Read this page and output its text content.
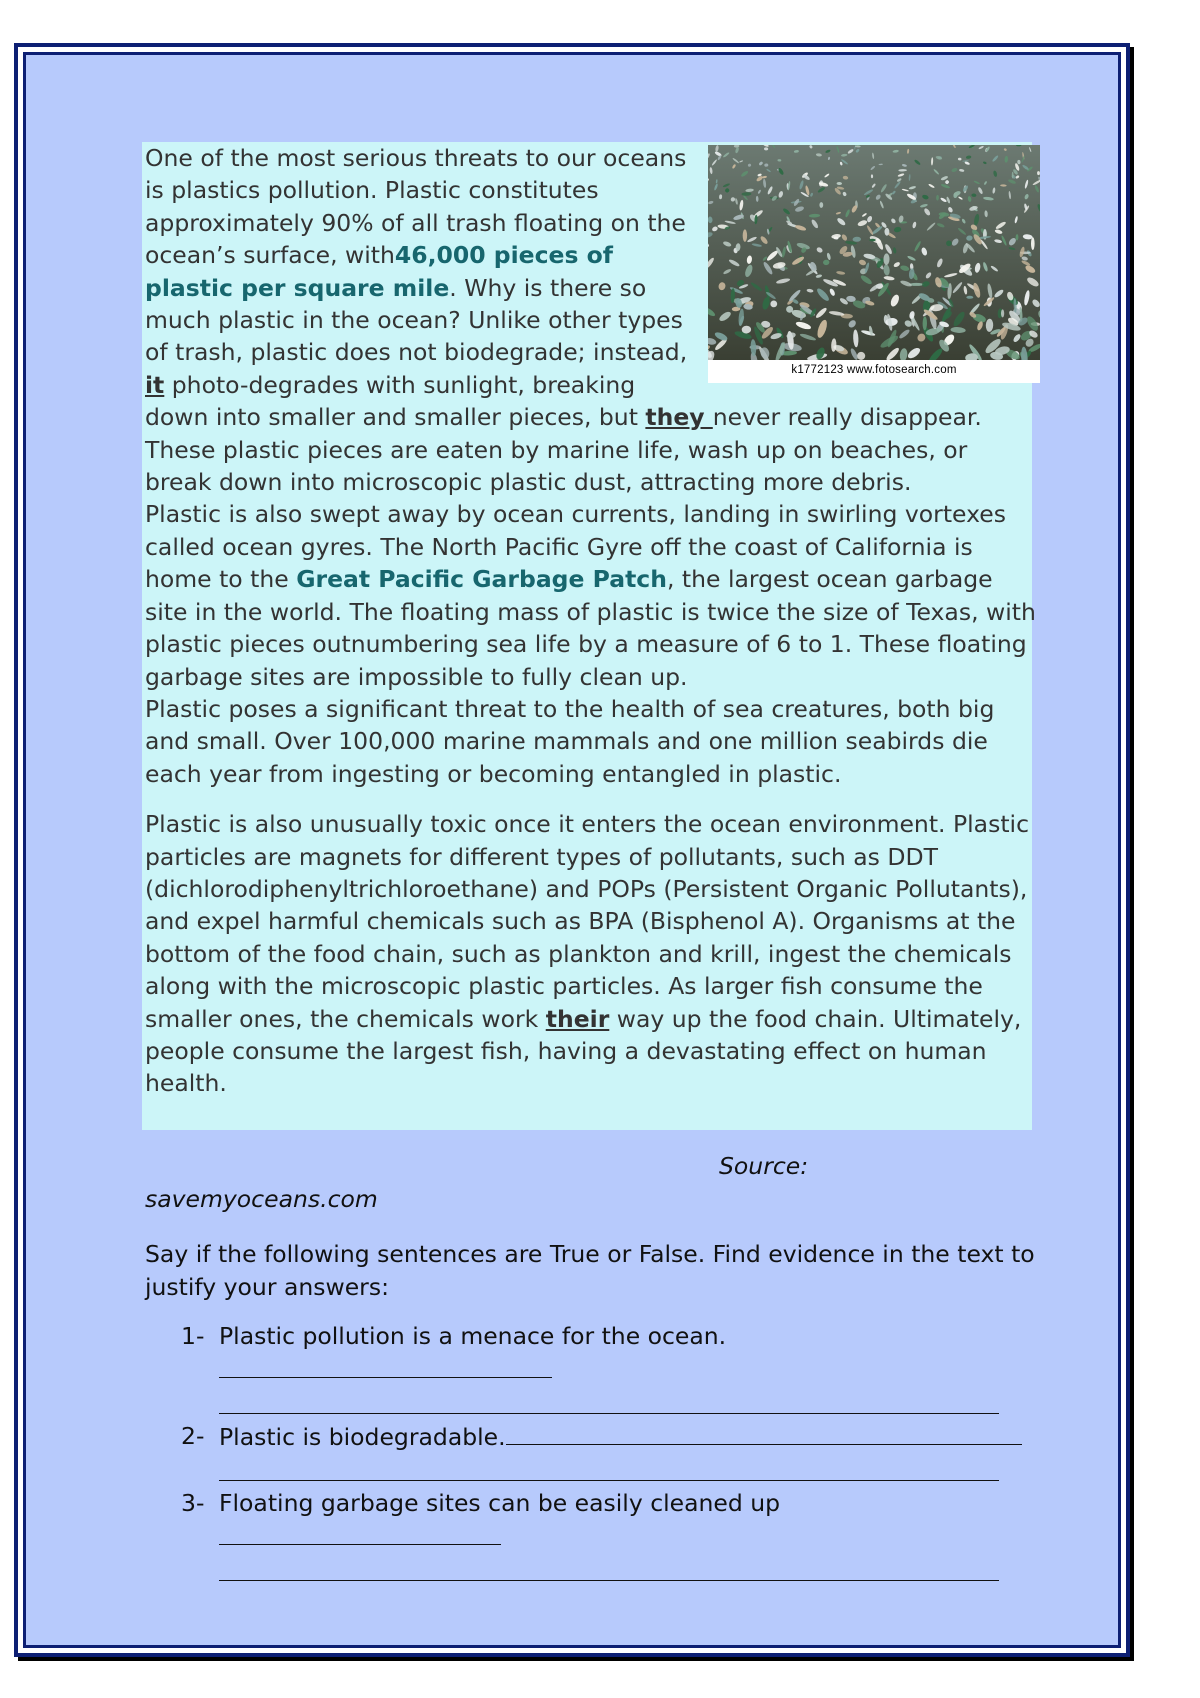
k1772123 www.fotosearch.com

One of the most serious threats to our oceans is plastics pollution. Plastic constitutes approximately 90% of all trash floating on the ocean’s surface, with46,000 pieces of plastic per square mile. Why is there so much plastic in the ocean? Unlike other types of trash, plastic does not biodegrade; instead, it photo-degrades with sunlight, breaking down into smaller and smaller pieces, but they never really disappear. These plastic pieces are eaten by marine life, wash up on beaches, or break down into microscopic plastic dust, attracting more debris.

Plastic is also swept away by ocean currents, landing in swirling vortexes called ocean gyres. The North Pacific Gyre off the coast of California is home to the Great Pacific Garbage Patch, the largest ocean garbage site in the world. The floating mass of plastic is twice the size of Texas, with plastic pieces outnumbering sea life by a measure of 6 to 1. These floating garbage sites are impossible to fully clean up.

Plastic poses a significant threat to the health of sea creatures, both big and small. Over 100,000 marine mammals and one million seabirds die each year from ingesting or becoming entangled in plastic.

Plastic is also unusually toxic once it enters the ocean environment. Plastic particles are magnets for different types of pollutants, such as DDT (dichlorodiphenyltrichloroethane) and POPs (Persistent Organic Pollutants), and expel harmful chemicals such as BPA (Bisphenol A). Organisms at the bottom of the food chain, such as plankton and krill, ingest the chemicals along with the microscopic plastic particles. As larger fish consume the smaller ones, the chemicals work their way up the food chain. Ultimately, people consume the largest fish, having a devastating effect on human health.

Source:
savemyoceans.com
Say if the following sentences are True or False. Find evidence in the text to justify your answers:
1- Plastic pollution is a menace for the ocean.
2- Plastic is biodegradable.
3- Floating garbage sites can be easily cleaned up
